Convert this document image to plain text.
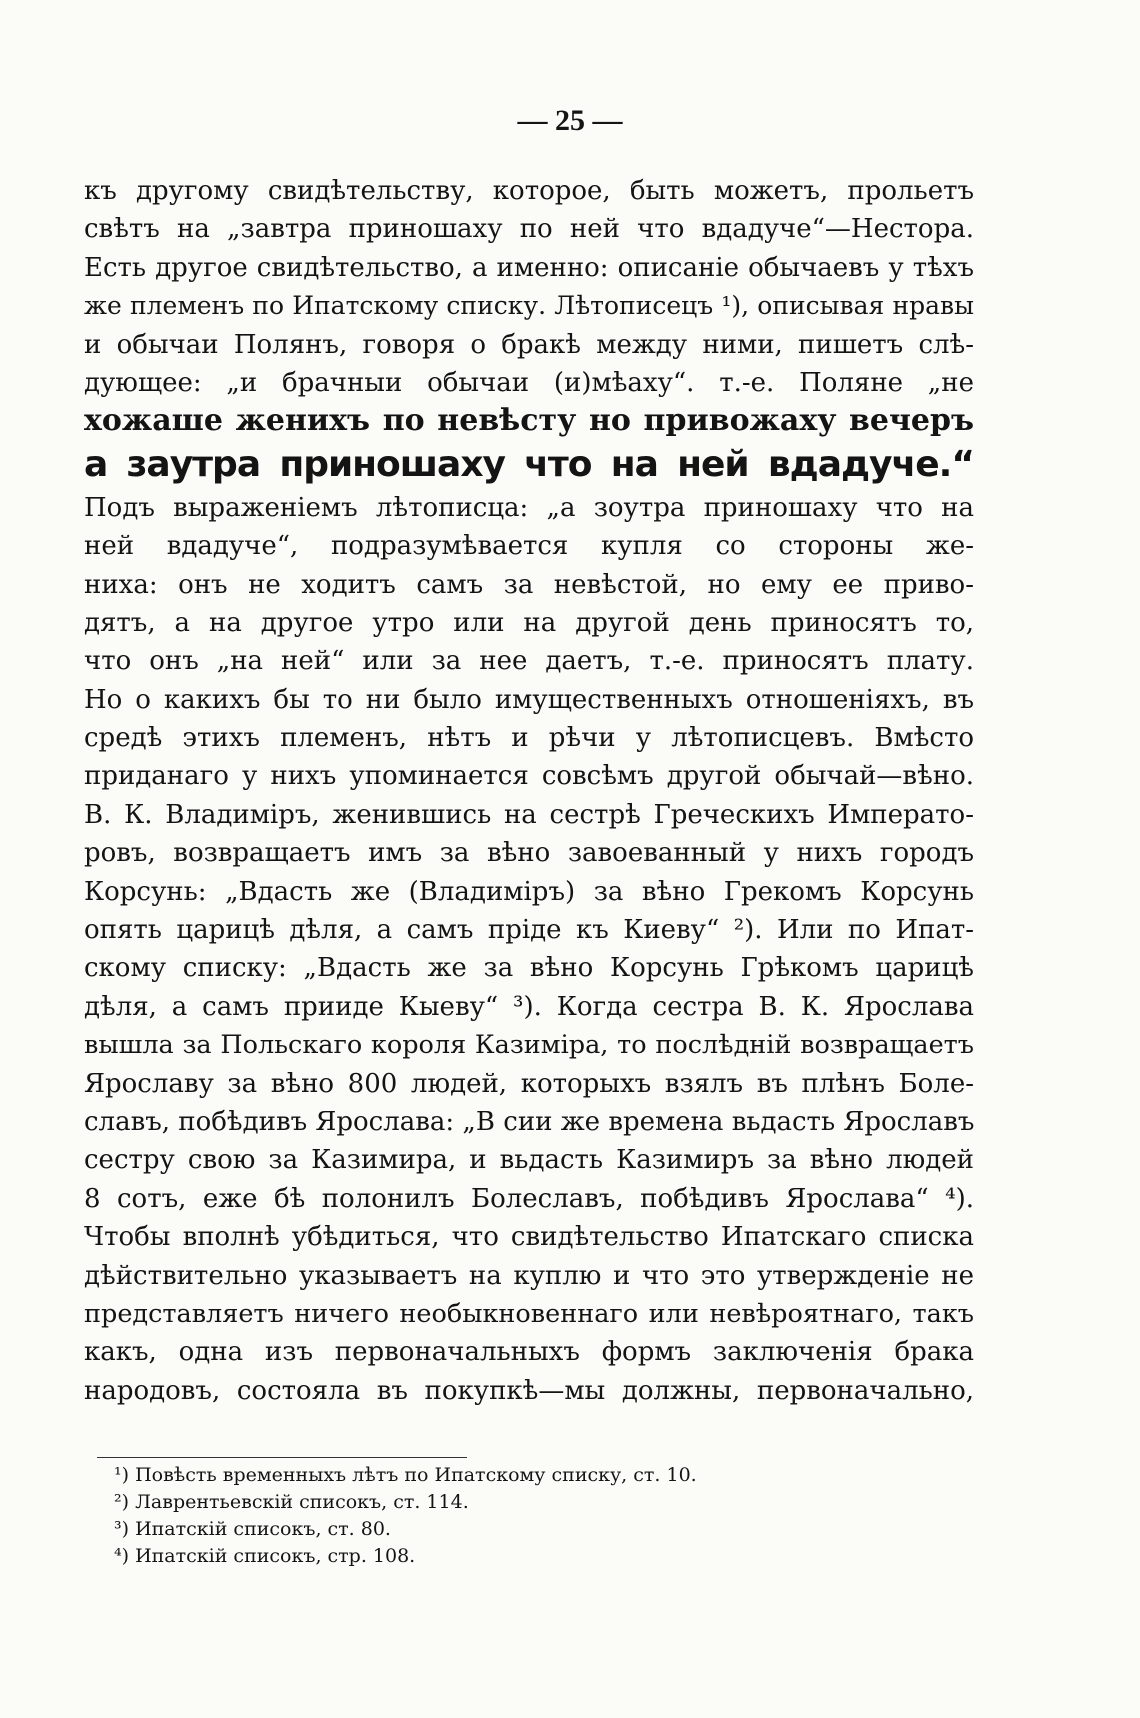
— 25 —
къ другому свидѣтельству, которое, быть можетъ, прольетъ
свѣтъ на „завтра приношаху по ней что вдадуче“—Нестора.
Есть другое свидѣтельство, а именно: описаніе обычаевъ у тѣхъ
же племенъ по Ипатскому списку. Лѣтописецъ ¹), описывая нравы
и обычаи Полянъ, говоря о бракѣ между ними, пишетъ слѣ-
дующее: „и брачныи обычаи (и)мѣаху“. т.-е. Поляне „не
хожаше женихъ по невѣсту но привожаху вечеръ
а заутра приношаху что на ней вдадуче.“
Подъ выраженіемъ лѣтописца: „а зоутра приношаху что на
ней вдадуче“, подразумѣвается купля со стороны же-
ниха: онъ не ходитъ самъ за невѣстой, но ему ее приво-
дятъ, а на другое утро или на другой день приносятъ то,
что онъ „на ней“ или за нее даетъ, т.-е. приносятъ плату.
Но о какихъ бы то ни было имущественныхъ отношеніяхъ, въ
средѣ этихъ племенъ, нѣтъ и рѣчи у лѣтописцевъ. Вмѣсто
приданаго у нихъ упоминается совсѣмъ другой обычай—вѣно.
В. К. Владиміръ, женившись на сестрѣ Греческихъ Императо-
ровъ, возвращаетъ имъ за вѣно завоеванный у нихъ городъ
Корсунь: „Вдасть же (Владиміръ) за вѣно Грекомъ Корсунь
опять царицѣ дѣля, а самъ пріде къ Киеву“ ²). Или по Ипат-
скому списку: „Вдасть же за вѣно Корсунь Грѣкомъ царицѣ
дѣля, а самъ прииде Кыеву“ ³). Когда сестра В. К. Ярослава
вышла за Польскаго короля Казиміра, то послѣдній возвращаетъ
Ярославу за вѣно 800 людей, которыхъ взялъ въ плѣнъ Боле-
славъ, побѣдивъ Ярослава: „В сии же времена вьдасть Ярославъ
сестру свою за Казимира, и вьдасть Казимиръ за вѣно людей
8 сотъ, еже бѣ полонилъ Болеславъ, побѣдивъ Ярослава“ ⁴).
Чтобы вполнѣ убѣдиться, что свидѣтельство Ипатскаго списка
дѣйствительно указываетъ на куплю и что это утвержденіе не
представляетъ ничего необыкновеннаго или невѣроятнаго, такъ
какъ, одна изъ первоначальныхъ формъ заключенія брака
народовъ, состояла въ покупкѣ—мы должны, первоначально,
¹) Повѣсть временныхъ лѣтъ по Ипатскому списку, ст. 10.
²) Лаврентьевскій списокъ, ст. 114.
³) Ипатскій списокъ, ст. 80.
⁴) Ипатскій списокъ, стр. 108.
